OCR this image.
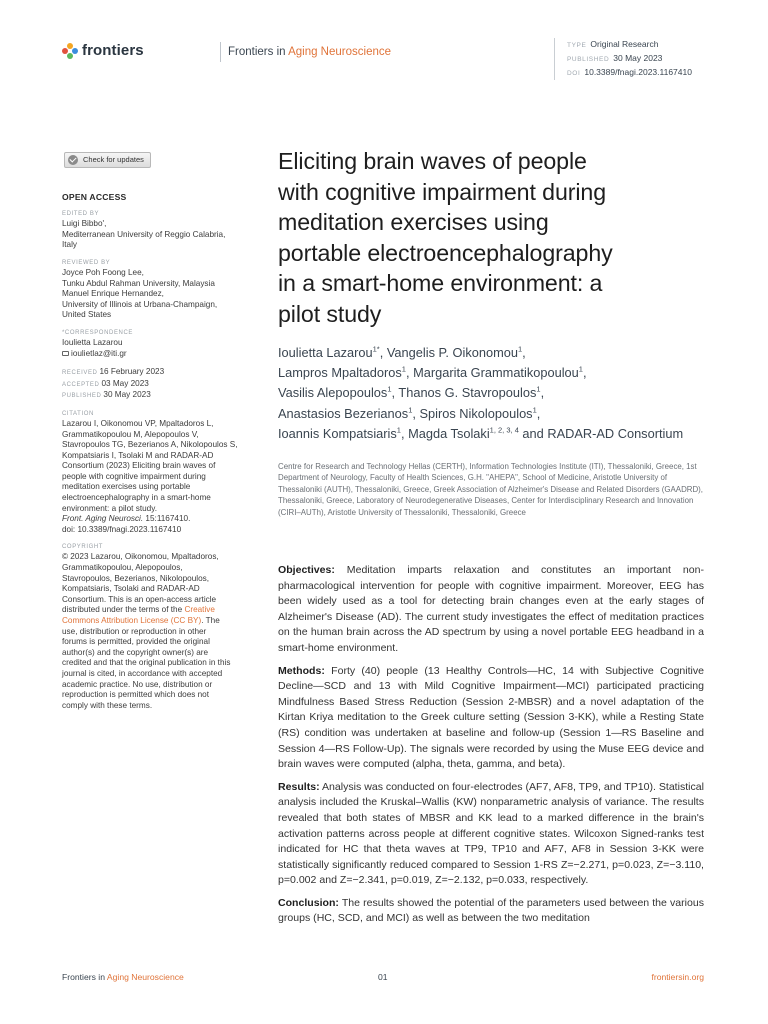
frontiers	Frontiers in Aging Neuroscience
TYPE Original Research
PUBLISHED 30 May 2023
DOI 10.3389/fnagi.2023.1167410
Check for updates
OPEN ACCESS
EDITED BY
Luigi Bibbo',
Mediterranean University of Reggio Calabria,
Italy
REVIEWED BY
Joyce Poh Foong Lee,
Tunku Abdul Rahman University, Malaysia
Manuel Enrique Hernandez,
University of Illinois at Urbana-Champaign,
United States
*CORRESPONDENCE
Ioulietta Lazarou
ioulietlaz@iti.gr
RECEIVED 16 February 2023
ACCEPTED 03 May 2023
PUBLISHED 30 May 2023
CITATION
Lazarou I, Oikonomou VP, Mpaltadoros L,
Grammatikopoulou M, Alepopoulos V,
Stavropoulos TG, Bezerianos A, Nikolopoulos S,
Kompatsiaris I, Tsolaki M and RADAR-AD
Consortium (2023) Eliciting brain waves of
people with cognitive impairment during
meditation exercises using portable
electroencephalography in a smart-home
environment: a pilot study.
Front. Aging Neurosci. 15:1167410.
doi: 10.3389/fnagi.2023.1167410
COPYRIGHT
© 2023 Lazarou, Oikonomou, Mpaltadoros,
Grammatikopoulou, Alepopoulos,
Stavropoulos, Bezerianos, Nikolopoulos,
Kompatsiaris, Tsolaki and RADAR-AD
Consortium. This is an open-access article
distributed under the terms of the Creative
Commons Attribution License (CC BY). The
use, distribution or reproduction in other
forums is permitted, provided the original
author(s) and the copyright owner(s) are
credited and that the original publication in this
journal is cited, in accordance with accepted
academic practice. No use, distribution or
reproduction is permitted which does not
comply with these terms.
Eliciting brain waves of people
with cognitive impairment during
meditation exercises using
portable electroencephalography
in a smart-home environment: a
pilot study
Ioulietta Lazarou$^{1*}$, Vangelis P. Oikonomou$^1$,
Lampros Mpaltadoros$^1$, Margarita Grammatikopoulou$^1$,
Vasilis Alepopoulos$^1$, Thanos G. Stavropoulos$^1$,
Anastasios Bezerianos$^1$, Spiros Nikolopoulos$^1$,
Ioannis Kompatsiaris$^1$, Magda Tsolaki$^{1, 2, 3, 4}$ and RADAR-AD Consortium
Centre for Research and Technology Hellas (CERTH), Information Technologies Institute (ITI), Thessaloniki, Greece, 1st Department of Neurology, Faculty of Health Sciences, G.H. "AHEPA", School of Medicine, Aristotle University of Thessaloniki (AUTH), Thessaloniki, Greece, Greek Association of Alzheimer's Disease and Related Disorders (GAADRD), Thessaloniki, Greece, Laboratory of Neurodegenerative Diseases, Center for Interdisciplinary Research and Innovation (CIRI–AUTh), Aristotle University of Thessaloniki, Thessaloniki, Greece

Objectives: Meditation imparts relaxation and constitutes an important non-pharmacological intervention for people with cognitive impairment. Moreover, EEG has been widely used as a tool for detecting brain changes even at the early stages of Alzheimer's Disease (AD). The current study investigates the effect of meditation practices on the human brain across the AD spectrum by using a novel portable EEG headband in a smart-home environment.

Methods: Forty (40) people (13 Healthy Controls—HC, 14 with Subjective Cognitive Decline—SCD and 13 with Mild Cognitive Impairment—MCI) participated practicing Mindfulness Based Stress Reduction (Session 2-MBSR) and a novel adaptation of the Kirtan Kriya meditation to the Greek culture setting (Session 3-KK), while a Resting State (RS) condition was undertaken at baseline and follow-up (Session 1—RS Baseline and Session 4—RS Follow-Up). The signals were recorded by using the Muse EEG device and brain waves were computed (alpha, theta, gamma, and beta).

Results: Analysis was conducted on four-electrodes (AF7, AF8, TP9, and TP10). Statistical analysis included the Kruskal–Wallis (KW) nonparametric analysis of variance. The results revealed that both states of MBSR and KK lead to a marked difference in the brain's activation patterns across people at different cognitive states. Wilcoxon Signed-ranks test indicated for HC that theta waves at TP9, TP10 and AF7, AF8 in Session 3-KK were statistically significantly reduced compared to Session 1-RS Z=−2.271, p=0.023, Z=−3.110, p=0.002 and Z=−2.341, p=0.019, Z=−2.132, p=0.033, respectively.

Conclusion: The results showed the potential of the parameters used between the various groups (HC, SCD, and MCI) as well as between the two meditation

Frontiers in Aging Neuroscience	01	frontiersin.org
